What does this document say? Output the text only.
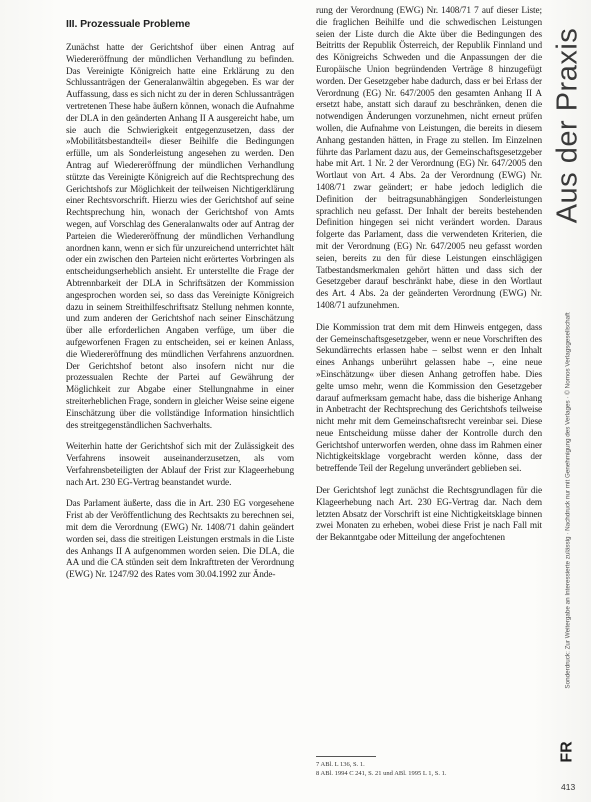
III. Prozessuale Probleme

Zunächst hatte der Gerichtshof über einen Antrag auf Wiedereröffnung der mündlichen Verhandlung zu befinden. Das Vereinigte Königreich hatte eine Erklärung zu den Schlussanträgen der Generalanwältin abgegeben. Es war der Auffassung, dass es sich nicht zu der in deren Schlussanträgen vertretenen These habe äußern können, wonach die Aufnahme der DLA in den geänderten Anhang II A ausgereicht habe, um sie auch die Schwierigkeit entgegenzusetzen, dass der »Mobilitätsbestandteil« dieser Beihilfe die Bedingungen erfülle, um als Sonderleistung angesehen zu werden. Den Antrag auf Wiedereröffnung der mündlichen Verhandlung stützte das Vereinigte Königreich auf die Rechtsprechung des Gerichtshofs zur Möglichkeit der teilweisen Nichtigerklärung einer Rechtsvorschrift. Hierzu wies der Gerichtshof auf seine Rechtsprechung hin, wonach der Gerichtshof von Amts wegen, auf Vorschlag des Generalanwalts oder auf Antrag der Parteien die Wiedereröffnung der mündlichen Verhandlung anordnen kann, wenn er sich für unzureichend unterrichtet hält oder ein zwischen den Parteien nicht erörtertes Vorbringen als entscheidungserheblich ansieht. Er unterstellte die Frage der Abtrennbarkeit der DLA in Schriftsätzen der Kommission angesprochen worden sei, so dass das Vereinigte Königreich dazu in seinem Streithilfeschriftsatz Stellung nehmen konnte, und zum anderen der Gerichtshof nach seiner Einschätzung über alle erforderlichen Angaben verfüge, um über die aufgeworfenen Fragen zu entscheiden, sei er keinen Anlass, die Wiedereröffnung des mündlichen Verfahrens anzuordnen. Der Gerichtshof betont also insofern nicht nur die prozessualen Rechte der Partei auf Gewährung der Möglichkeit zur Abgabe einer Stellungnahme in einer streiterheblichen Frage, sondern in gleicher Weise seine eigene Einschätzung über die vollständige Information hinsichtlich des streitgegenständlichen Sachverhalts.

Weiterhin hatte der Gerichtshof sich mit der Zulässigkeit des Verfahrens insoweit auseinanderzusetzen, als vom Verfahrensbeteiligten der Ablauf der Frist zur Klageerhebung nach Art. 230 EG-Vertrag beanstandet wurde.

Das Parlament äußerte, dass die in Art. 230 EG vorgesehene Frist ab der Veröffentlichung des Rechtsakts zu berechnen sei, mit dem die Verordnung (EWG) Nr. 1408/71 dahin geändert worden sei, dass die streitigen Leistungen erstmals in die Liste des Anhangs II A aufgenommen worden seien. Die DLA, die AA und die CA stünden seit dem Inkrafttreten der Verordnung (EWG) Nr. 1247/92 des Rates vom 30.04.1992 zur Ände-

rung der Verordnung (EWG) Nr. 1408/71 7 auf dieser Liste; die fraglichen Beihilfe und die schwedischen Leistungen seien der Liste durch die Akte über die Bedingungen des Beitritts der Republik Österreich, der Republik Finnland und des Königreichs Schweden und die Anpassungen der die Europäische Union begründenden Verträge 8 hinzugefügt worden. Der Gesetzgeber habe dadurch, dass er bei Erlass der Verordnung (EG) Nr. 647/2005 den gesamten Anhang II A ersetzt habe, anstatt sich darauf zu beschränken, denen die notwendigen Änderungen vorzunehmen, nicht erneut prüfen wollen, die Aufnahme von Leistungen, die bereits in diesem Anhang gestanden hätten, in Frage zu stellen. Im Einzelnen führte das Parlament dazu aus, der Gemeinschaftsgesetzgeber habe mit Art. 1 Nr. 2 der Verordnung (EG) Nr. 647/2005 den Wortlaut von Art. 4 Abs. 2a der Verordnung (EWG) Nr. 1408/71 zwar geändert; er habe jedoch lediglich die Definition der beitragsunabhängigen Sonderleistungen sprachlich neu gefasst. Der Inhalt der bereits bestehenden Definition hingegen sei nicht verändert worden. Daraus folgerte das Parlament, dass die verwendeten Kriterien, die mit der Verordnung (EG) Nr. 647/2005 neu gefasst worden seien, bereits zu den für diese Leistungen einschlägigen Tatbestandsmerkmalen gehört hätten und dass sich der Gesetzgeber darauf beschränkt habe, diese in den Wortlaut des Art. 4 Abs. 2a der geänderten Verordnung (EWG) Nr. 1408/71 aufzunehmen.

Die Kommission trat dem mit dem Hinweis entgegen, dass der Gemeinschaftsgesetzgeber, wenn er neue Vorschriften des Sekundärrechts erlassen habe – selbst wenn er den Inhalt eines Anhangs unberührt gelassen habe –, eine neue »Einschätzung« über diesen Anhang getroffen habe. Dies gelte umso mehr, wenn die Kommission den Gesetzgeber darauf aufmerksam gemacht habe, dass die bisherige Anhang in Anbetracht der Rechtsprechung des Gerichtshofs teilweise nicht mehr mit dem Gemeinschaftsrecht vereinbar sei. Diese neue Entscheidung müsse daher der Kontrolle durch den Gerichtshof unterworfen werden, ohne dass im Rahmen einer Nichtigkeitsklage vorgebracht werden könne, dass der betreffende Teil der Regelung unverändert geblieben sei.

Der Gerichtshof legt zunächst die Rechtsgrundlagen für die Klageerhebung nach Art. 230 EG-Vertrag dar. Nach dem letzten Absatz der Vorschrift ist eine Nichtigkeitsklage binnen zwei Monaten zu erheben, wobei diese Frist je nach Fall mit der Bekanntgabe oder Mitteilung der angefochtenen

7 ABl. L 136, S. 1.
8 ABl. 1994 C 241, S. 21 und ABl. 1995 L 1, S. 1.
Aus der Praxis
Sonderdruck: Zur Weitergabe an Interessierte zulässig · Nachdruck nur mit Genehmigung des Verlages · © Nomos Verlagsgesellschaft
FR
413
